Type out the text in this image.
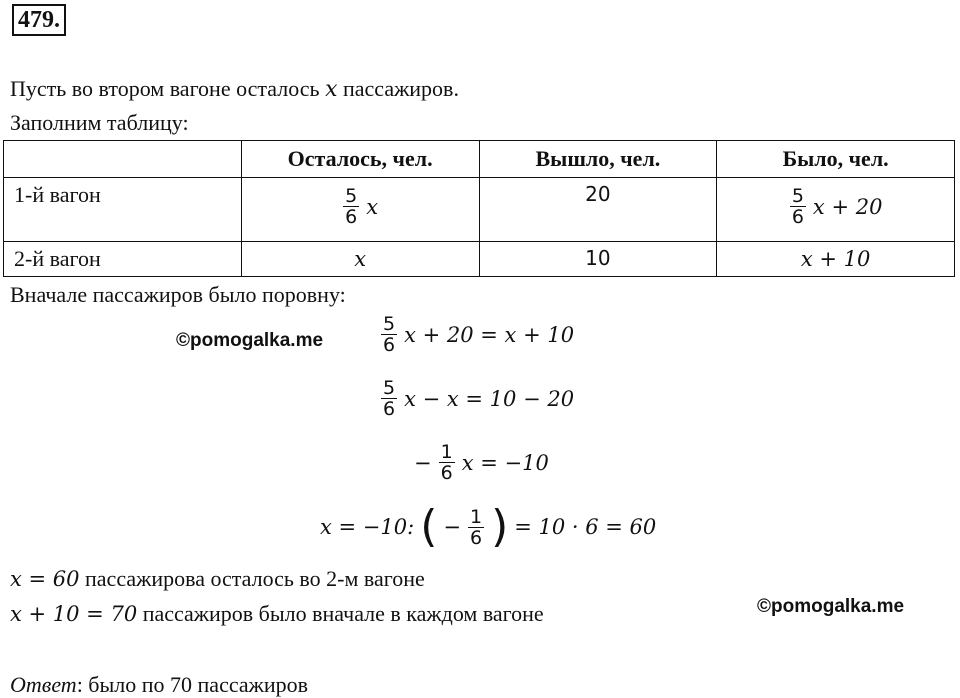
479.
Пусть во втором вагоне осталось x пассажиров.
Заполним таблицу:
	Осталось, чел.	Вышло, чел.	Было, чел.
1-й вагон	$\frac{5}{6}$ x	20	$\frac{5}{6}$ x + 20

2-й вагон	x	10	x + 10
Вначале пассажиров было поровну:
©pomogalka.me	$\frac{5}{6}$ x + 20 = x + 10
$\frac{5}{6}$ x − x = 10 − 20
− $\frac{1}{6}$ x = −10
x = −10: ( − $\frac{1}{6}$ ) = 10 · 6 = 60
x = 60 пассажирова осталось во 2-м вагоне
x + 10 = 70 пассажиров было вначале в каждом вагоне	©pomogalka.me
Ответ: было по 70 пассажиров
